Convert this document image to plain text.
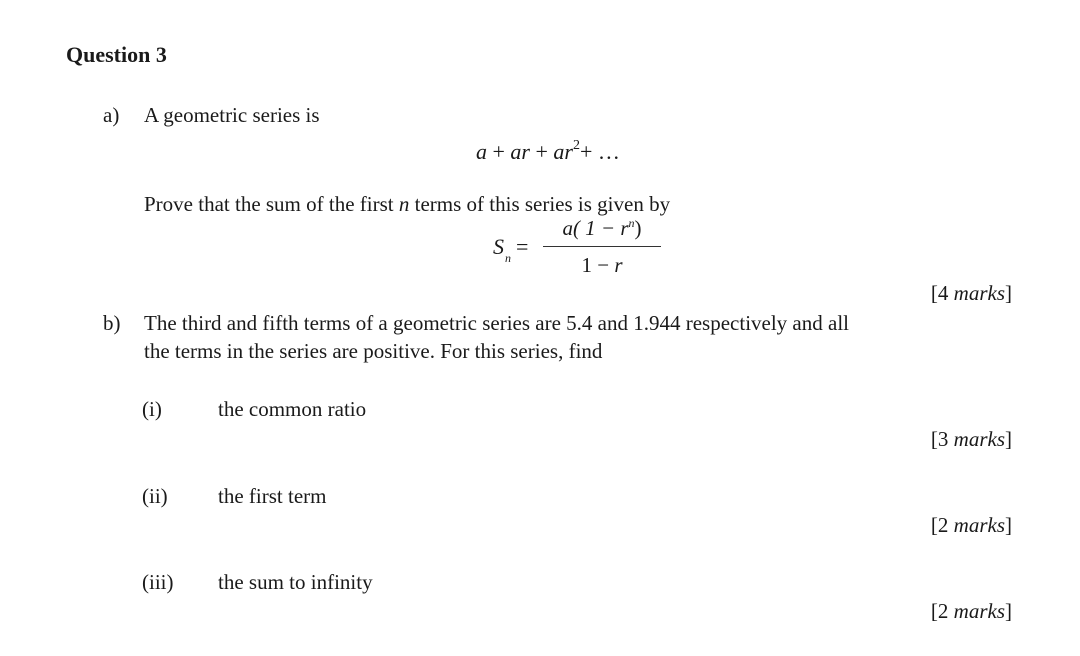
Question 3
a) A geometric series is
a + ar + $ar^2+$ …
Prove that the sum of the first n terms of this series is given by
$S_n$ =
a( $1 - r^n$)
1 − r
[4 marks]
b) The third and fifth terms of a geometric series are 5.4 and 1.944 respectively and all
the terms in the series are positive. For this series, find
(i)	the common ratio
[3 marks]
(ii) the first term
[2 marks]
(iii) the sum to infinity
[2 marks]
